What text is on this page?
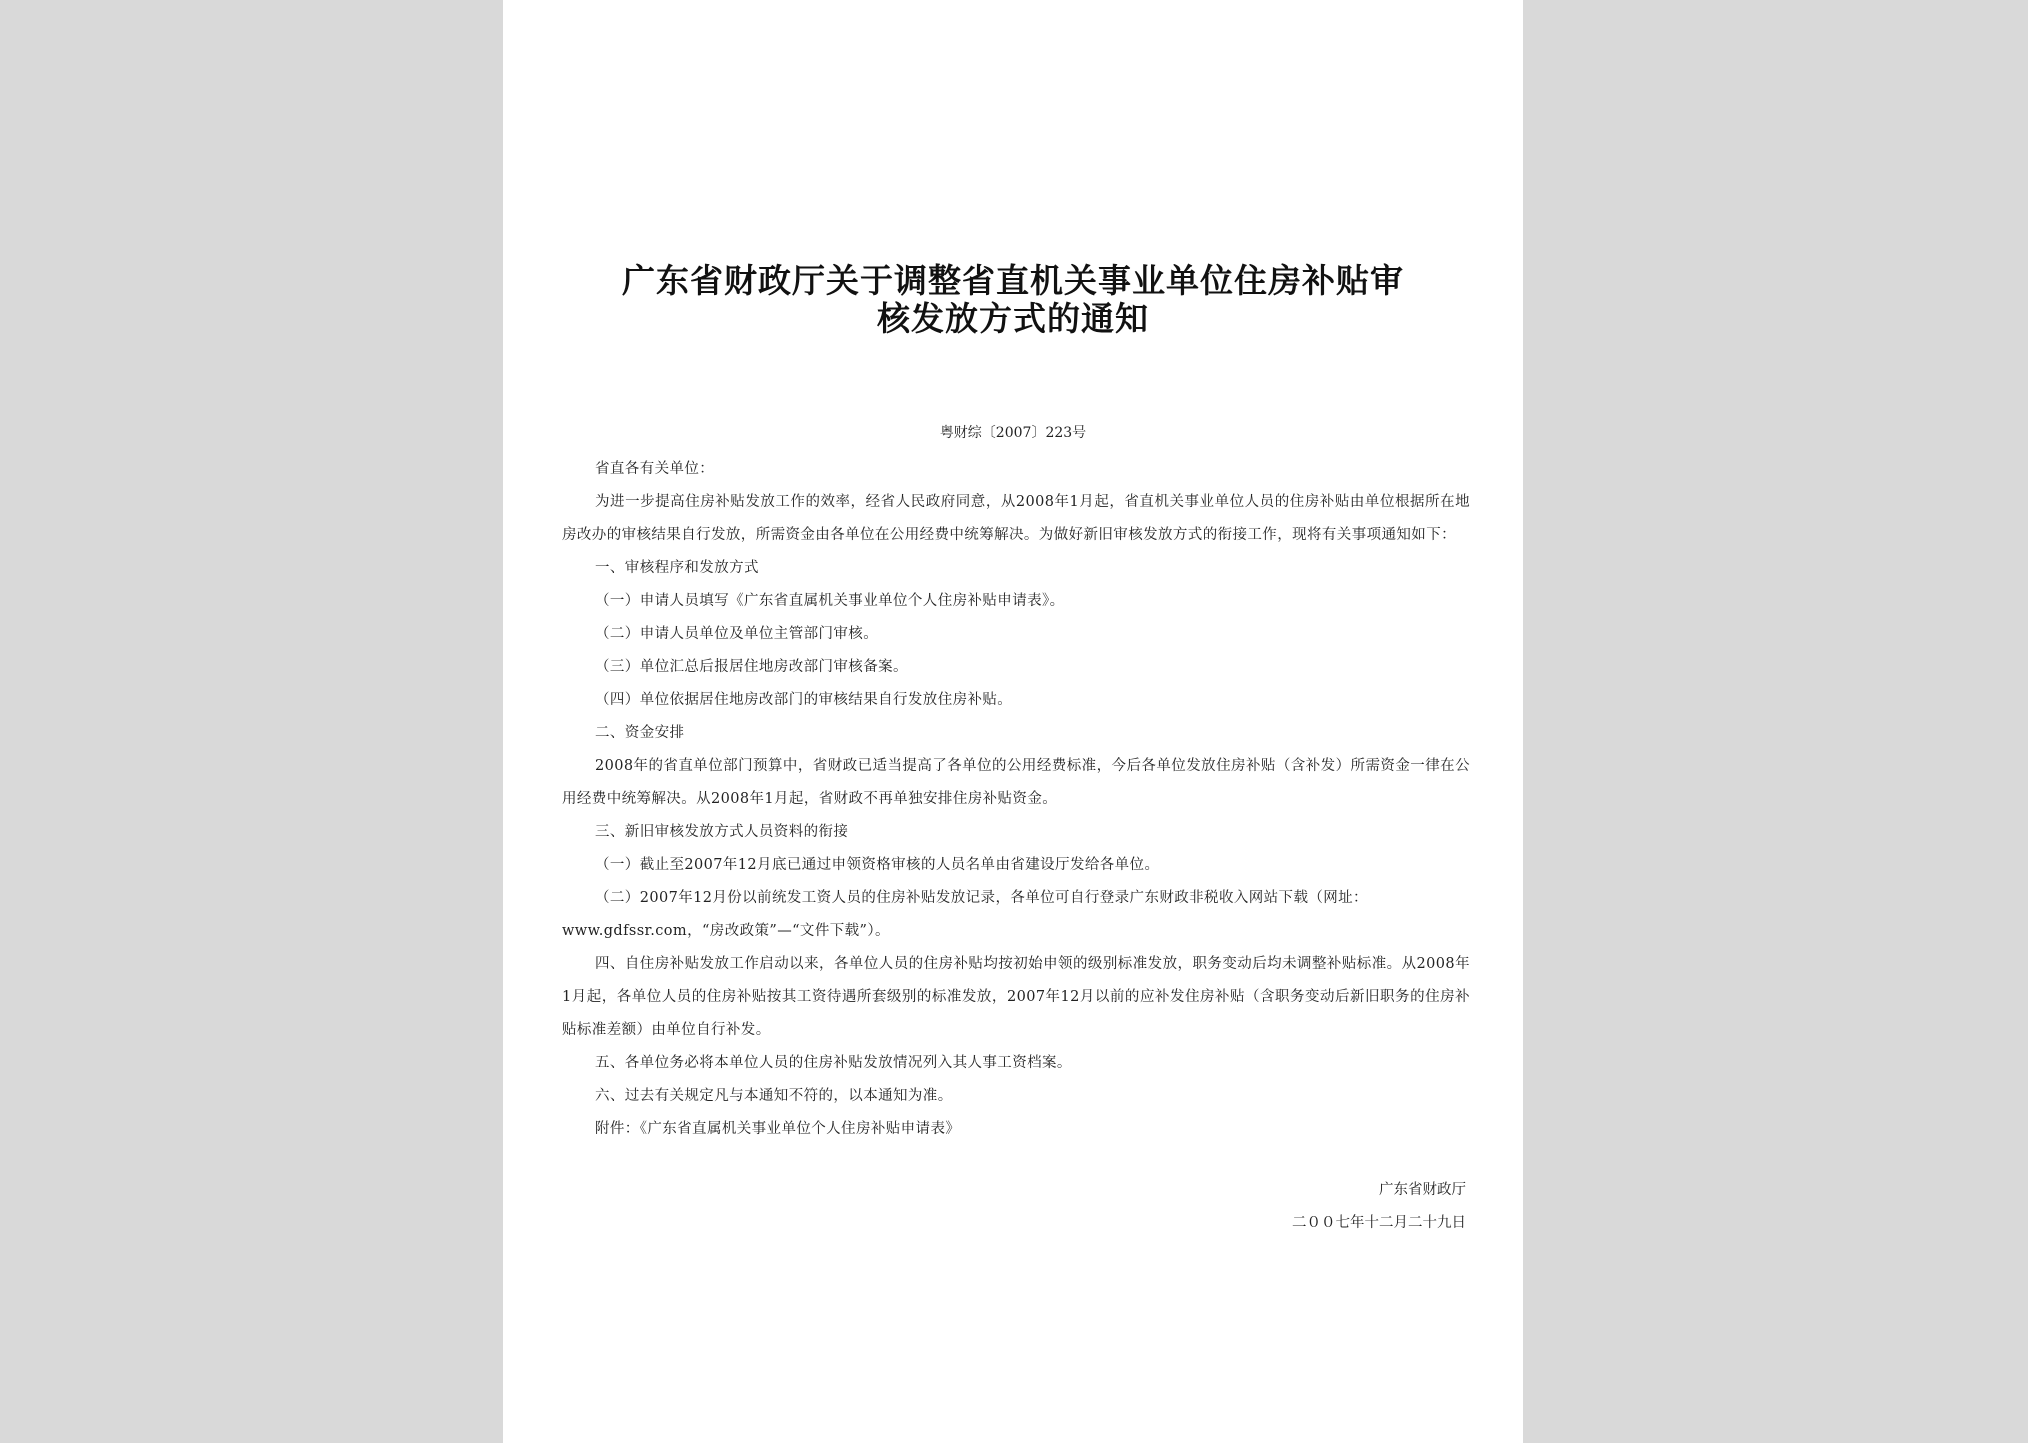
广东省财政厅关于调整省直机关事业单位住房补贴审
核发放方式的通知
粤财综〔2007〕223号

省直各有关单位：

为进一步提高住房补贴发放工作的效率，经省人民政府同意，从2008年1月起，省直机关事业单位人员的住房补贴由单位根据所在地房改办的审核结果自行发放，所需资金由各单位在公用经费中统筹解决。为做好新旧审核发放方式的衔接工作，现将有关事项通知如下：

一、审核程序和发放方式

（一）申请人员填写《广东省直属机关事业单位个人住房补贴申请表》。

（二）申请人员单位及单位主管部门审核。

（三）单位汇总后报居住地房改部门审核备案。

（四）单位依据居住地房改部门的审核结果自行发放住房补贴。

二、资金安排

2008年的省直单位部门预算中，省财政已适当提高了各单位的公用经费标准，今后各单位发放住房补贴（含补发）所需资金一律在公用经费中统筹解决。从2008年1月起，省财政不再单独安排住房补贴资金。

三、新旧审核发放方式人员资料的衔接

（一）截止至2007年12月底已通过申领资格审核的人员名单由省建设厅发给各单位。

（二）2007年12月份以前统发工资人员的住房补贴发放记录，各单位可自行登录广东财政非税收入网站下载（网址：

www.gdfssr.com，“房改政策”—“文件下载”）。

四、自住房补贴发放工作启动以来，各单位人员的住房补贴均按初始申领的级别标准发放，职务变动后均未调整补贴标准。从2008年1月起，各单位人员的住房补贴按其工资待遇所套级别的标准发放，2007年12月以前的应补发住房补贴（含职务变动后新旧职务的住房补贴标准差额）由单位自行补发。

五、各单位务必将本单位人员的住房补贴发放情况列入其人事工资档案。

六、过去有关规定凡与本通知不符的，以本通知为准。

附件：《广东省直属机关事业单位个人住房补贴申请表》

广东省财政厅
二００七年十二月二十九日
